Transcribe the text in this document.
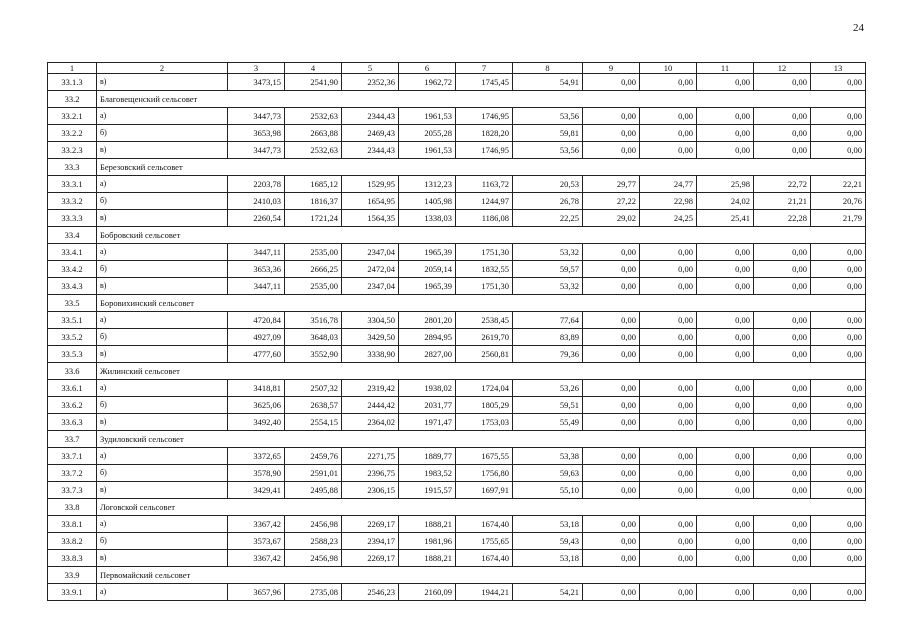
24
1	2	3	4	5	6	7	8	9	10	11	12	13
33.1.3	в)	3473,15	2541,90	2352,36	1962,72	1745,45	54,91	0,00	0,00	0,00	0,00	0,00
33.2	Благовещенский сельсовет											
33.2.1	а)	3447,73	2532,63	2344,43	1961,53	1746,95	53,56	0,00	0,00	0,00	0,00	0,00
33.2.2	б)	3653,98	2663,88	2469,43	2055,28	1828,20	59,81	0,00	0,00	0,00	0,00	0,00
33.2.3	в)	3447,73	2532,63	2344,43	1961,53	1746,95	53,56	0,00	0,00	0,00	0,00	0,00
33.3	Березовский сельсовет											
33.3.1	а)	2203,78	1685,12	1529,95	1312,23	1163,72	20,53	29,77	24,77	25,98	22,72	22,21
33.3.2	б)	2410,03	1816,37	1654,95	1405,98	1244,97	26,78	27,22	22,98	24,02	21,21	20,76
33.3.3	в)	2260,54	1721,24	1564,35	1338,03	1186,08	22,25	29,02	24,25	25,41	22,28	21,79
33.4	Бобровский сельсовет											
33.4.1	а)	3447,11	2535,00	2347,04	1965,39	1751,30	53,32	0,00	0,00	0,00	0,00	0,00
33.4.2	б)	3653,36	2666,25	2472,04	2059,14	1832,55	59,57	0,00	0,00	0,00	0,00	0,00
33.4.3	в)	3447,11	2535,00	2347,04	1965,39	1751,30	53,32	0,00	0,00	0,00	0,00	0,00
33.5	Боровихинский сельсовет											
33.5.1	а)	4720,84	3516,78	3304,50	2801,20	2538,45	77,64	0,00	0,00	0,00	0,00	0,00
33.5.2	б)	4927,09	3648,03	3429,50	2894,95	2619,70	83,89	0,00	0,00	0,00	0,00	0,00
33.5.3	в)	4777,60	3552,90	3338,90	2827,00	2560,81	79,36	0,00	0,00	0,00	0,00	0,00
33.6	Жилинский сельсовет											
33.6.1	а)	3418,81	2507,32	2319,42	1938,02	1724,04	53,26	0,00	0,00	0,00	0,00	0,00
33.6.2	б)	3625,06	2638,57	2444,42	2031,77	1805,29	59,51	0,00	0,00	0,00	0,00	0,00
33.6.3	в)	3492,40	2554,15	2364,02	1971,47	1753,03	55,49	0,00	0,00	0,00	0,00	0,00
33.7	Зудиловский сельсовет											
33.7.1	а)	3372,65	2459,76	2271,75	1889,77	1675,55	53,38	0,00	0,00	0,00	0,00	0,00
33.7.2	б)	3578,90	2591,01	2396,75	1983,52	1756,80	59,63	0,00	0,00	0,00	0,00	0,00
33.7.3	в)	3429,41	2495,88	2306,15	1915,57	1697,91	55,10	0,00	0,00	0,00	0,00	0,00
33.8	Логовской сельсовет											
33.8.1	а)	3367,42	2456,98	2269,17	1888,21	1674,40	53,18	0,00	0,00	0,00	0,00	0,00
33.8.2	б)	3573,67	2588,23	2394,17	1981,96	1755,65	59,43	0,00	0,00	0,00	0,00	0,00
33.8.3	в)	3367,42	2456,98	2269,17	1888,21	1674,40	53,18	0,00	0,00	0,00	0,00	0,00
33.9	Первомайский сельсовет											
33.9.1	а)	3657,96	2735,08	2546,23	2160,09	1944,21	54,21	0,00	0,00	0,00	0,00	0,00
